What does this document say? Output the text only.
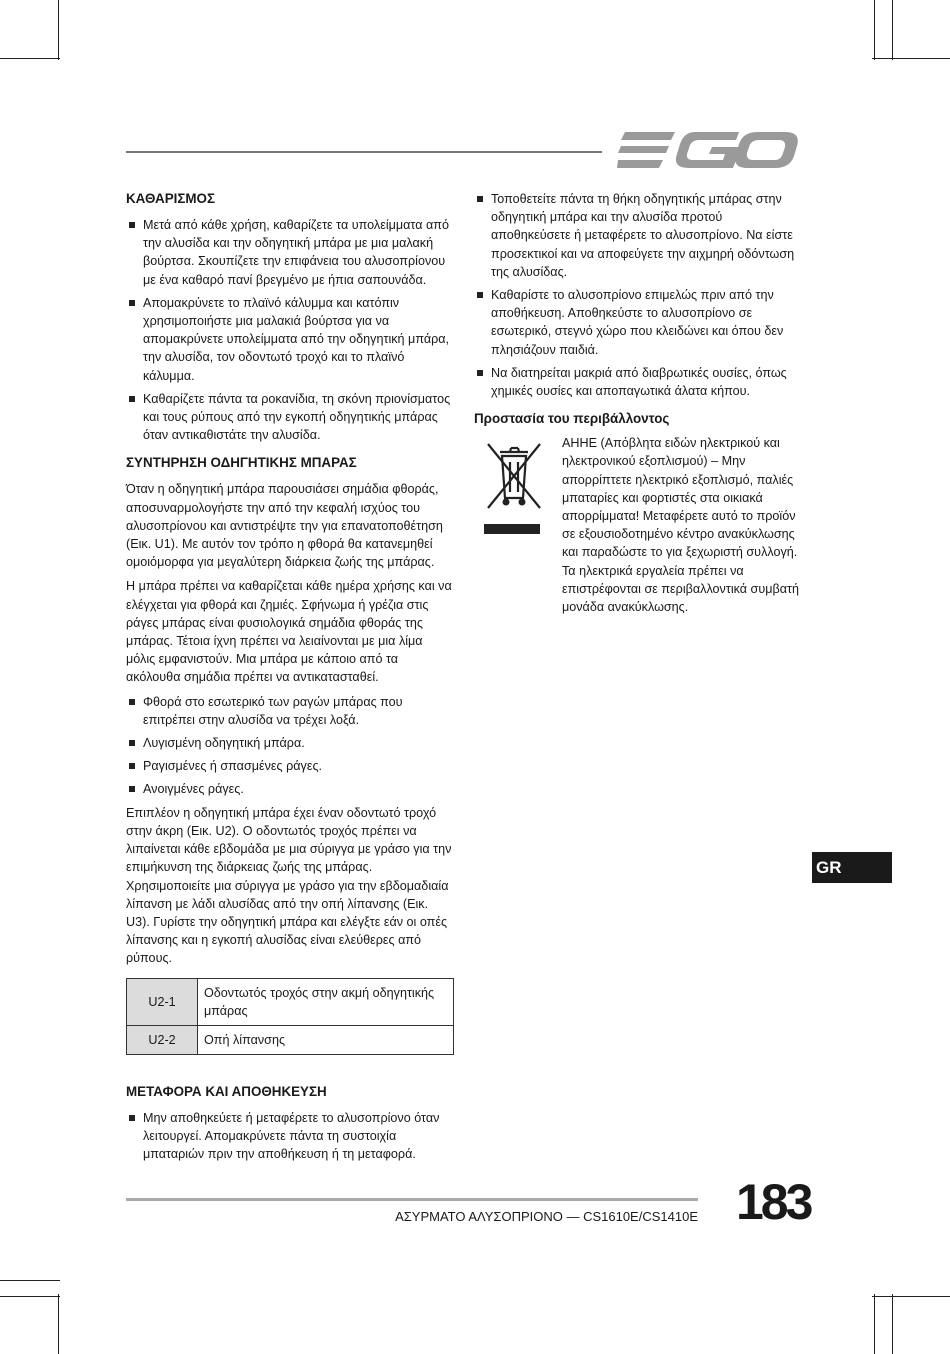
ΚΑΘΑΡΙΣΜΟΣ
Μετά από κάθε χρήση, καθαρίζετε τα υπολείμματα από την αλυσίδα και την οδηγητική μπάρα με μια μαλακή βούρτσα. Σκουπίζετε την επιφάνεια του αλυσοπρίονου με ένα καθαρό πανί βρεγμένο με ήπια σαπουνάδα.
Απομακρύνετε το πλαϊνό κάλυμμα και κατόπιν χρησιμοποιήστε μια μαλακιά βούρτσα για να απομακρύνετε υπολείμματα από την οδηγητική μπάρα, την αλυσίδα, τον οδοντωτό τροχό και το πλαϊνό κάλυμμα.
Καθαρίζετε πάντα τα ροκανίδια, τη σκόνη πριονίσματος και τους ρύπους από την εγκοπή οδηγητικής μπάρας όταν αντικαθιστάτε την αλυσίδα.
ΣΥΝΤΗΡΗΣΗ ΟΔΗΓΗΤΙΚΗΣ ΜΠΑΡΑΣ

Όταν η οδηγητική μπάρα παρουσιάσει σημάδια φθοράς, αποσυναρμολογήστε την από την κεφαλή ισχύος του αλυσοπρίονου και αντιστρέψτε την για επανατοποθέτηση (Εικ. U1). Με αυτόν τον τρόπο η φθορά θα κατανεμηθεί ομοιόμορφα για μεγαλύτερη διάρκεια ζωής της μπάρας.

Η μπάρα πρέπει να καθαρίζεται κάθε ημέρα χρήσης και να ελέγχεται για φθορά και ζημιές. Σφήνωμα ή γρέζια στις ράγες μπάρας είναι φυσιολογικά σημάδια φθοράς της μπάρας. Τέτοια ίχνη πρέπει να λειαίνονται με μια λίμα μόλις εμφανιστούν. Μια μπάρα με κάποιο από τα ακόλουθα σημάδια πρέπει να αντικατασταθεί.

Φθορά στο εσωτερικό των ραγών μπάρας που επιτρέπει στην αλυσίδα να τρέχει λοξά.
Λυγισμένη οδηγητική μπάρα.
Ραγισμένες ή σπασμένες ράγες.
Ανοιγμένες ράγες.

Επιπλέον η οδηγητική μπάρα έχει έναν οδοντωτό τροχό στην άκρη (Εικ. U2). Ο οδοντωτός τροχός πρέπει να λιπαίνεται κάθε εβδομάδα με μια σύριγγα με γράσο για την επιμήκυνση της διάρκειας ζωής της μπάρας. Χρησιμοποιείτε μια σύριγγα με γράσο για την εβδομαδιαία λίπανση με λάδι αλυσίδας από την οπή λίπανσης (Εικ. U3). Γυρίστε την οδηγητική μπάρα και ελέγξτε εάν οι οπές λίπανσης και η εγκοπή αλυσίδας είναι ελεύθερες από ρύπους.

U2-1	Οδοντωτός τροχός στην ακμή οδηγητικής μπάρας
U2-2	Οπή λίπανσης
ΜΕΤΑΦΟΡΑ ΚΑΙ ΑΠΟΘΗΚΕΥΣΗ
Μην αποθηκεύετε ή μεταφέρετε το αλυσοπρίονο όταν λειτουργεί. Απομακρύνετε πάντα τη συστοιχία μπαταριών πριν την αποθήκευση ή τη μεταφορά.
Τοποθετείτε πάντα τη θήκη οδηγητικής μπάρας στην οδηγητική μπάρα και την αλυσίδα προτού αποθηκεύσετε ή μεταφέρετε το αλυσοπρίονο. Να είστε προσεκτικοί και να αποφεύγετε την αιχμηρή οδόντωση της αλυσίδας.
Καθαρίστε το αλυσοπρίονο επιμελώς πριν από την αποθήκευση. Αποθηκεύστε το αλυσοπρίονο σε εσωτερικό, στεγνό χώρο που κλειδώνει και όπου δεν πλησιάζουν παιδιά.
Να διατηρείται μακριά από διαβρωτικές ουσίες, όπως χημικές ουσίες και αποπαγωτικά άλατα κήπου.
Προστασία του περιβάλλοντος
ΑΗΗΕ (Απόβλητα ειδών ηλεκτρικού και ηλεκτρονικού εξοπλισμού) – Μην απορρίπτετε ηλεκτρικό εξοπλισμό, παλιές μπαταρίες και φορτιστές στα οικιακά απορρίμματα! Μεταφέρετε αυτό το προϊόν σε εξουσιοδοτημένο κέντρο ανακύκλωσης και παραδώστε το για ξεχωριστή συλλογή. Τα ηλεκτρικά εργαλεία πρέπει να επιστρέφονται σε περιβαλλοντικά συμβατή μονάδα ανακύκλωσης.
GR
ΑΣΥΡΜΑΤΟ ΑΛΥΣΟΠΡΙΟΝΟ — CS1610E/CS1410E 183
